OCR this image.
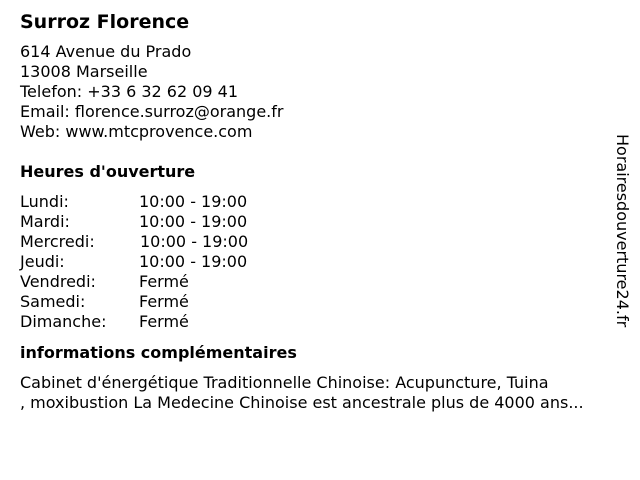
Surroz Florence
614 Avenue du Prado
13008 Marseille
Telefon: +33 6 32 62 09 41
Email: florence.surroz@orange.fr
Web: www.mtcprovence.com
Heures d'ouverture
Lundi:	10:00 - 19:00
Mardi:	10:00 - 19:00
Mercredi:	10:00 - 19:00
Jeudi:	10:00 - 19:00
Vendredi:	Fermé
Samedi:	Fermé
Dimanche:	Fermé
informations complémentaires
Cabinet d'énergétique Traditionnelle Chinoise: Acupuncture, Tuina
, moxibustion La Medecine Chinoise est ancestrale plus de 4000 ans...
Horairesdouverture24.fr
